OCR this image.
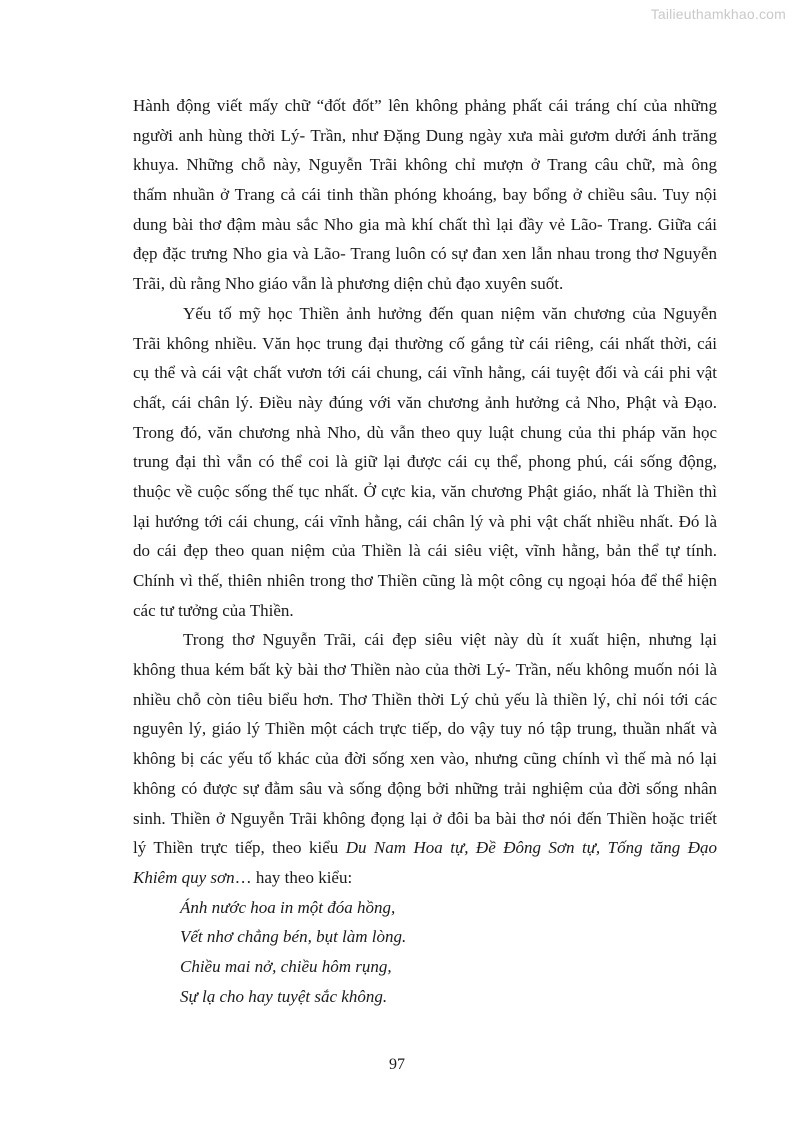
Tailieuthamkhao.com
Hành động viết mấy chữ “đốt đốt” lên không phảng phất cái tráng chí của những
người anh hùng thời Lý- Trần, như Đặng Dung ngày xưa mài gươm dưới ánh trăng
khuya. Những chỗ này, Nguyễn Trãi không chỉ mượn ở Trang câu chữ, mà ông
thấm nhuần ở Trang cả cái tinh thần phóng khoáng, bay bổng ở chiều sâu. Tuy nội
dung bài thơ đậm màu sắc Nho gia mà khí chất thì lại đầy vẻ Lão- Trang. Giữa cái
đẹp đặc trưng Nho gia và Lão- Trang luôn có sự đan xen lẫn nhau trong thơ Nguyễn
Trãi, dù rằng Nho giáo vẫn là phương diện chủ đạo xuyên suốt.
Yếu tố mỹ học Thiền ảnh hưởng đến quan niệm văn chương của Nguyễn
Trãi không nhiều. Văn học trung đại thường cố gắng từ cái riêng, cái nhất thời, cái
cụ thể và cái vật chất vươn tới cái chung, cái vĩnh hằng, cái tuyệt đối và cái phi vật
chất, cái chân lý. Điều này đúng với văn chương ảnh hưởng cả Nho, Phật và Đạo.
Trong đó, văn chương nhà Nho, dù vẫn theo quy luật chung của thi pháp văn học
trung đại thì vẫn có thể coi là giữ lại được cái cụ thể, phong phú, cái sống động,
thuộc về cuộc sống thế tục nhất. Ở cực kia, văn chương Phật giáo, nhất là Thiền thì
lại hướng tới cái chung, cái vĩnh hằng, cái chân lý và phi vật chất nhiều nhất. Đó là
do cái đẹp theo quan niệm của Thiền là cái siêu việt, vĩnh hằng, bản thể tự tính.
Chính vì thế, thiên nhiên trong thơ Thiền cũng là một công cụ ngoại hóa để thể hiện
các tư tưởng của Thiền.
Trong thơ Nguyễn Trãi, cái đẹp siêu việt này dù ít xuất hiện, nhưng lại
không thua kém bất kỳ bài thơ Thiền nào của thời Lý- Trần, nếu không muốn nói là
nhiều chỗ còn tiêu biểu hơn. Thơ Thiền thời Lý chủ yếu là thiền lý, chỉ nói tới các
nguyên lý, giáo lý Thiền một cách trực tiếp, do vậy tuy nó tập trung, thuần nhất và
không bị các yếu tố khác của đời sống xen vào, nhưng cũng chính vì thế mà nó lại
không có được sự đằm sâu và sống động bởi những trải nghiệm của đời sống nhân
sinh. Thiền ở Nguyễn Trãi không đọng lại ở đôi ba bài thơ nói đến Thiền hoặc triết
lý Thiền trực tiếp, theo kiểu Du Nam Hoa tự, Đề Đông Sơn tự, Tống tăng Đạo
Khiêm quy sơn… hay theo kiểu:
Ánh nước hoa in một đóa hồng,
Vết nhơ chẳng bén, bụt làm lòng.
Chiều mai nở, chiều hôm rụng,
Sự lạ cho hay tuyệt sắc không.
97
